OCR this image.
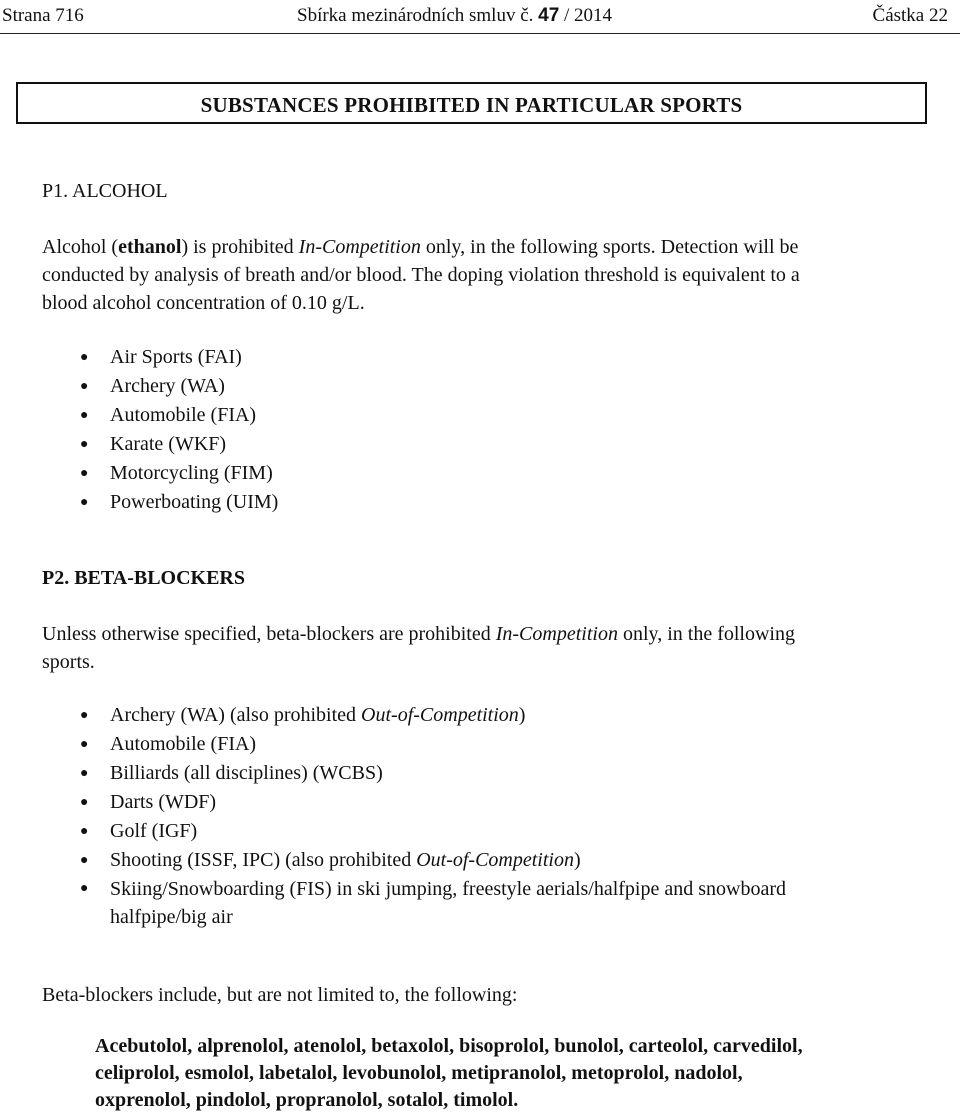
Strana 716	Sbírka mezinárodních smluv č. 47 / 2014	Částka 22
SUBSTANCES PROHIBITED IN PARTICULAR SPORTS
P1. ALCOHOL
Alcohol (ethanol) is prohibited In-Competition only, in the following sports. Detection will be
conducted by analysis of breath and/or blood. The doping violation threshold is equivalent to a
blood alcohol concentration of 0.10 g/L.
● Air Sports (FAI)
● Archery (WA)
● Automobile (FIA)
● Karate (WKF)
● Motorcycling (FIM)
● Powerboating (UIM)
P2. BETA-BLOCKERS
Unless otherwise specified, beta-blockers are prohibited In-Competition only, in the following
sports.
● Archery (WA) (also prohibited Out-of-Competition)
● Automobile (FIA)
● Billiards (all disciplines) (WCBS)
● Darts (WDF)
● Golf (IGF)
● Shooting (ISSF, IPC) (also prohibited Out-of-Competition)
● Skiing/Snowboarding (FIS) in ski jumping, freestyle aerials/halfpipe and snowboard
halfpipe/big air
Beta-blockers include, but are not limited to, the following:
Acebutolol, alprenolol, atenolol, betaxolol, bisoprolol, bunolol, carteolol, carvedilol,
celiprolol, esmolol, labetalol, levobunolol, metipranolol, metoprolol, nadolol,
oxprenolol, pindolol, propranolol, sotalol, timolol.
